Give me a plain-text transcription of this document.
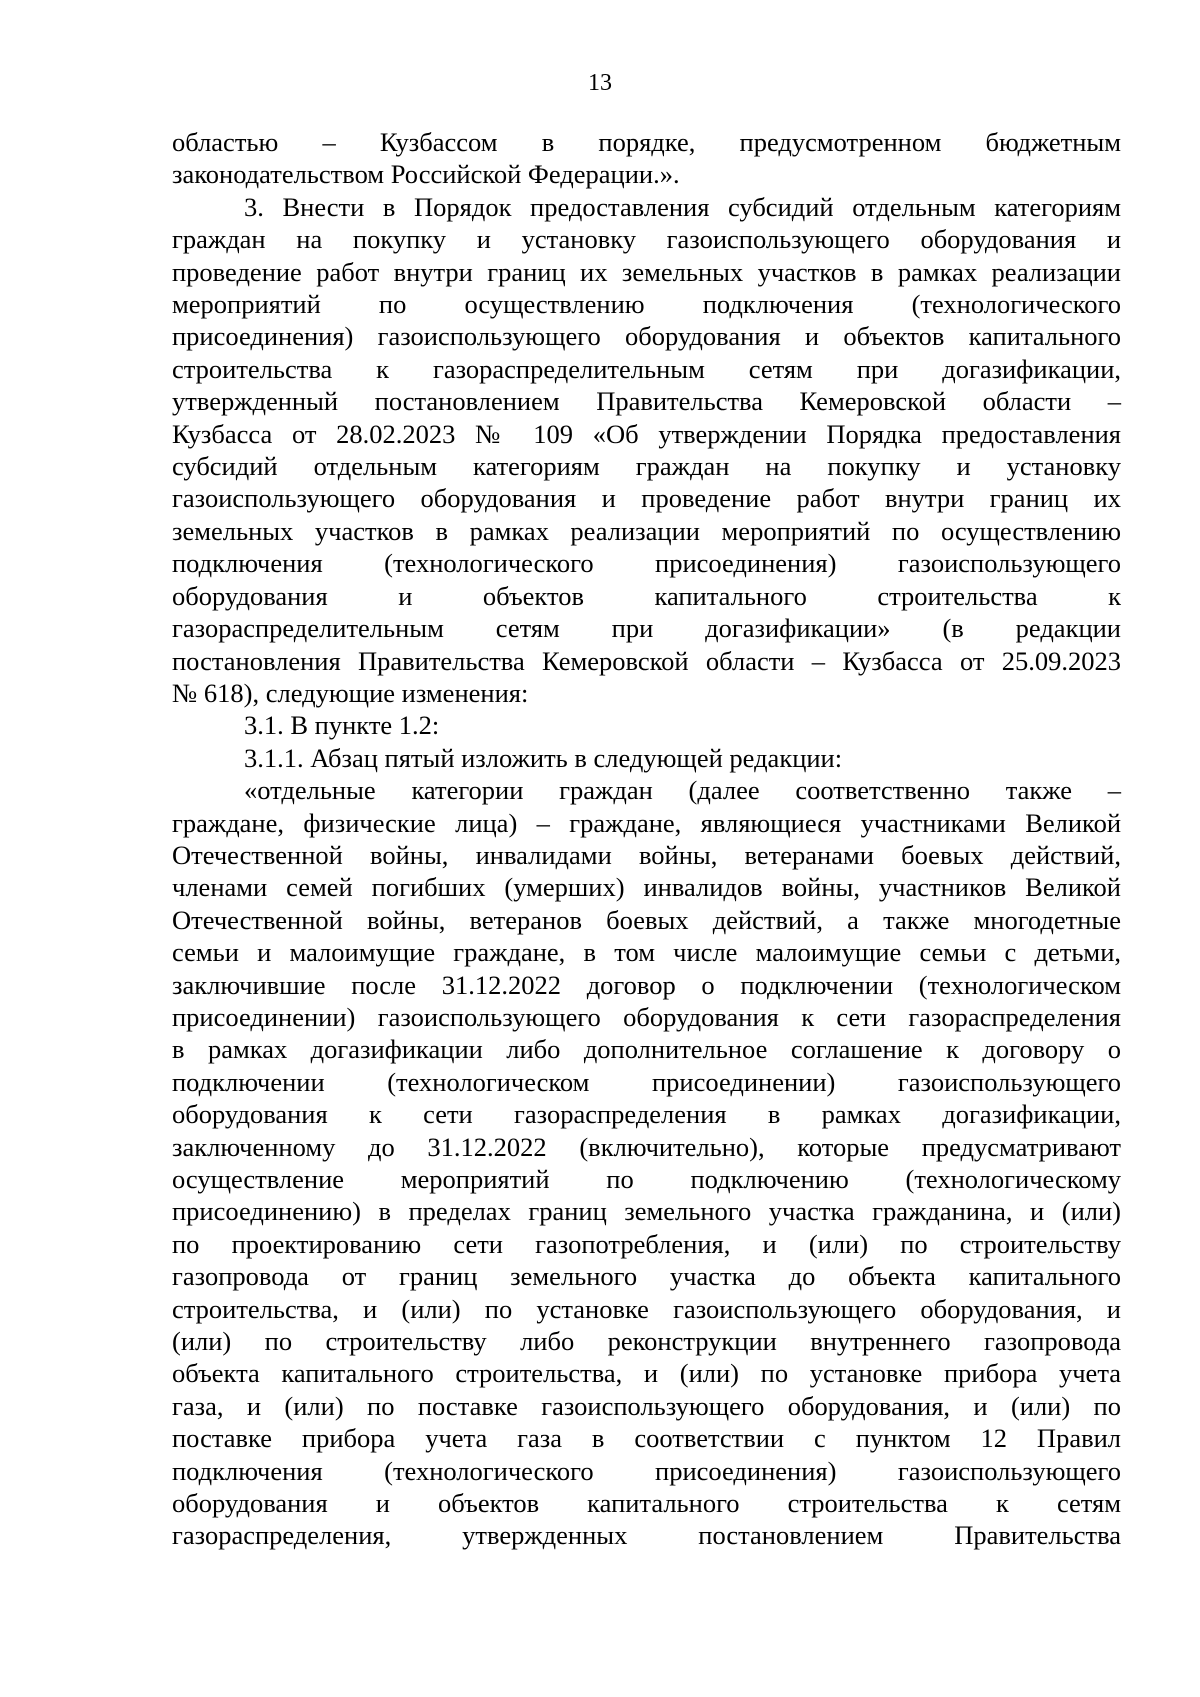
13
областью – Кузбассом в порядке, предусмотренном бюджетным
законодательством Российской Федерации.».
3. Внести в Порядок предоставления субсидий отдельным категориям
граждан на покупку и установку газоиспользующего оборудования и
проведение работ внутри границ их земельных участков в рамках реализации
мероприятий по осуществлению подключения (технологического
присоединения) газоиспользующего оборудования и объектов капитального
строительства к газораспределительным сетям при догазификации,
утвержденный постановлением Правительства Кемеровской области –
Кузбасса от 28.02.2023 № 109 «Об утверждении Порядка предоставления
субсидий отдельным категориям граждан на покупку и установку
газоиспользующего оборудования и проведение работ внутри границ их
земельных участков в рамках реализации мероприятий по осуществлению
подключения (технологического присоединения) газоиспользующего
оборудования и объектов капитального строительства к
газораспределительным сетям при догазификации» (в редакции
постановления Правительства Кемеровской области – Кузбасса от 25.09.2023
№ 618), следующие изменения:
3.1. В пункте 1.2:
3.1.1. Абзац пятый изложить в следующей редакции:
«отдельные категории граждан (далее соответственно также –
граждане, физические лица) – граждане, являющиеся участниками Великой
Отечественной войны, инвалидами войны, ветеранами боевых действий,
членами семей погибших (умерших) инвалидов войны, участников Великой
Отечественной войны, ветеранов боевых действий, а также многодетные
семьи и малоимущие граждане, в том числе малоимущие семьи с детьми,
заключившие после 31.12.2022 договор о подключении (технологическом
присоединении) газоиспользующего оборудования к сети газораспределения
в рамках догазификации либо дополнительное соглашение к договору о
подключении (технологическом присоединении) газоиспользующего
оборудования к сети газораспределения в рамках догазификации,
заключенному до 31.12.2022 (включительно), которые предусматривают
осуществление мероприятий по подключению (технологическому
присоединению) в пределах границ земельного участка гражданина, и (или)
по проектированию сети газопотребления, и (или) по строительству
газопровода от границ земельного участка до объекта капитального
строительства, и (или) по установке газоиспользующего оборудования, и
(или) по строительству либо реконструкции внутреннего газопровода
объекта капитального строительства, и (или) по установке прибора учета
газа, и (или) по поставке газоиспользующего оборудования, и (или) по
поставке прибора учета газа в соответствии с пунктом 12 Правил
подключения (технологического присоединения) газоиспользующего
оборудования и объектов капитального строительства к сетям
газораспределения, утвержденных постановлением Правительства
